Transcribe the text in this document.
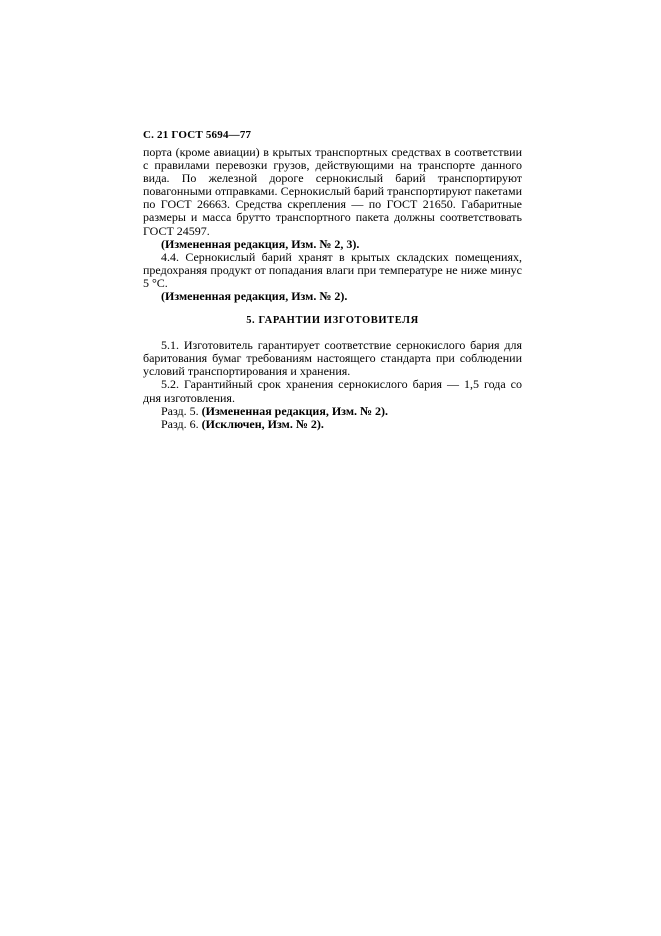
С. 21 ГОСТ 5694—77

порта (кроме авиации) в крытых транспортных средствах в соответствии с правилами перевозки грузов, действующими на транспорте данного вида. По железной дороге сернокислый барий транспортируют повагонными отправками. Сернокислый барий транспортируют пакетами по ГОСТ 26663. Средства скрепления — по ГОСТ 21650. Габаритные размеры и масса брутто транспортного пакета должны соответствовать ГОСТ 24597.

(Измененная редакция, Изм. № 2, 3).

4.4. Сернокислый барий хранят в крытых складских помещениях, предохраняя продукт от попадания влаги при температуре не ниже минус 5 °С.

(Измененная редакция, Изм. № 2).

5. ГАРАНТИИ ИЗГОТОВИТЕЛЯ

5.1. Изготовитель гарантирует соответствие сернокислого бария для баритования бумаг требованиям настоящего стандарта при соблюдении условий транспортирования и хранения.

5.2. Гарантийный срок хранения сернокислого бария — 1,5 года со дня изготовления.

Разд. 5. (Измененная редакция, Изм. № 2).

Разд. 6. (Исключен, Изм. № 2).
